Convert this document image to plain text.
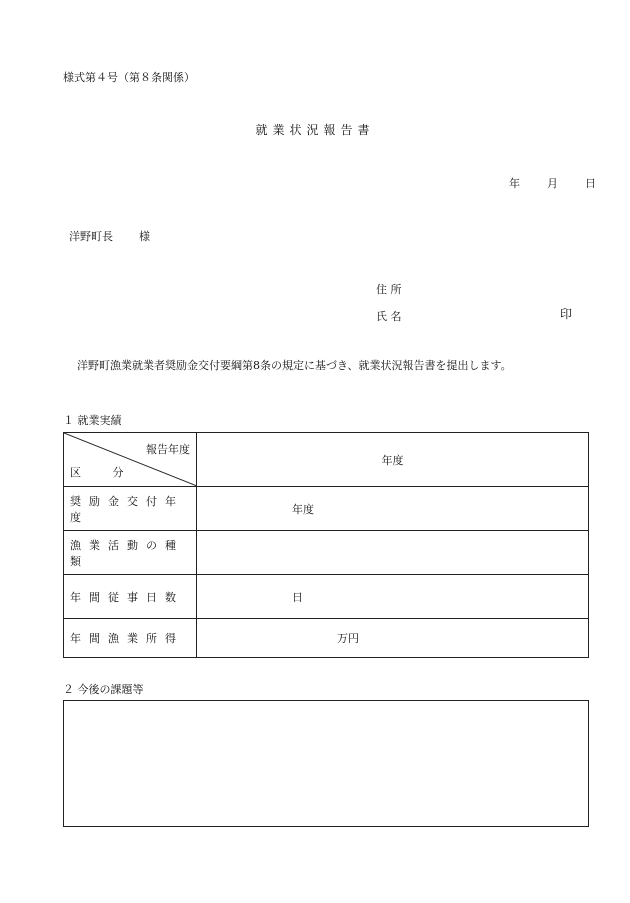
様式第４号（第８条関係）
就業状況報告書
年 月 日
洋野町長 様
住 所
氏 名	印
洋野町漁業就業者奨励金交付要綱第8条の規定に基づき、就業状況報告書を提出します。
１ 就業実績
報告年度
区 分	年度
奨励金交付年度	年度
漁業活動の種類	
年間従事日数	日
年間漁業所得	万円
２ 今後の課題等
